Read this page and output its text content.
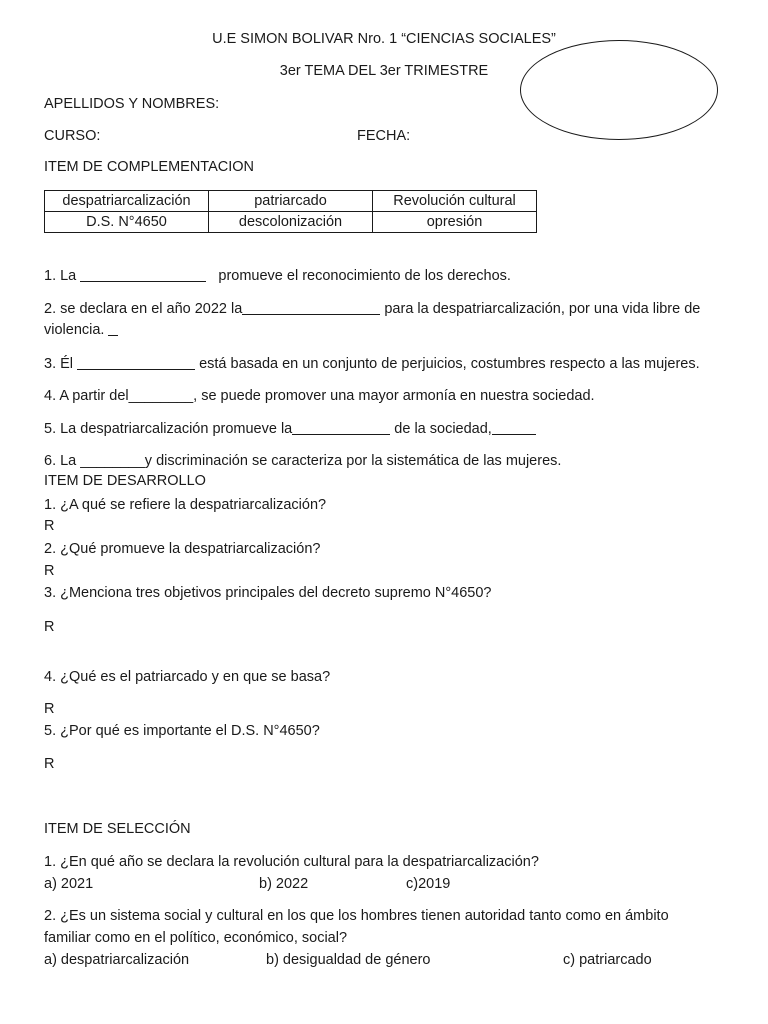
U.E SIMON BOLIVAR Nro. 1 “CIENCIAS SOCIALES”
3er TEMA DEL 3er TRIMESTRE
APELLIDOS Y NOMBRES:
CURSO:	FECHA:
ITEM DE COMPLEMENTACION
despatriarcalización	patriarcado	Revolución cultural
D.S. N°4650	descolonización	opresión
1. La	promueve el reconocimiento de los derechos.
2. se declara en el año 2022 la	para la despatriarcalización, por una vida libre de
violencia.
3. Él	está basada en un conjunto de perjuicios, costumbres respecto a las mujeres.
4. A partir del________, se puede promover una mayor armonía en nuestra sociedad.
5. La despatriarcalización promueve la	de la sociedad,
6. La ________y discriminación se caracteriza por la sistemática de las mujeres.
ITEM DE DESARROLLO
1. ¿A qué se refiere la despatriarcalización?
R
2. ¿Qué promueve la despatriarcalización?
R
3. ¿Menciona tres objetivos principales del decreto supremo N°4650?
R
4. ¿Qué es el patriarcado y en que se basa?
R
5. ¿Por qué es importante el D.S. N°4650?
R
ITEM DE SELECCIÓN
1. ¿En qué año se declara la revolución cultural para la despatriarcalización?
a) 2021	b) 2022	c)2019
2. ¿Es un sistema social y cultural en los que los hombres tienen autoridad tanto como en ámbito
familiar como en el político, económico, social?
a) despatriarcalización	b) desigualdad de género	c) patriarcado
